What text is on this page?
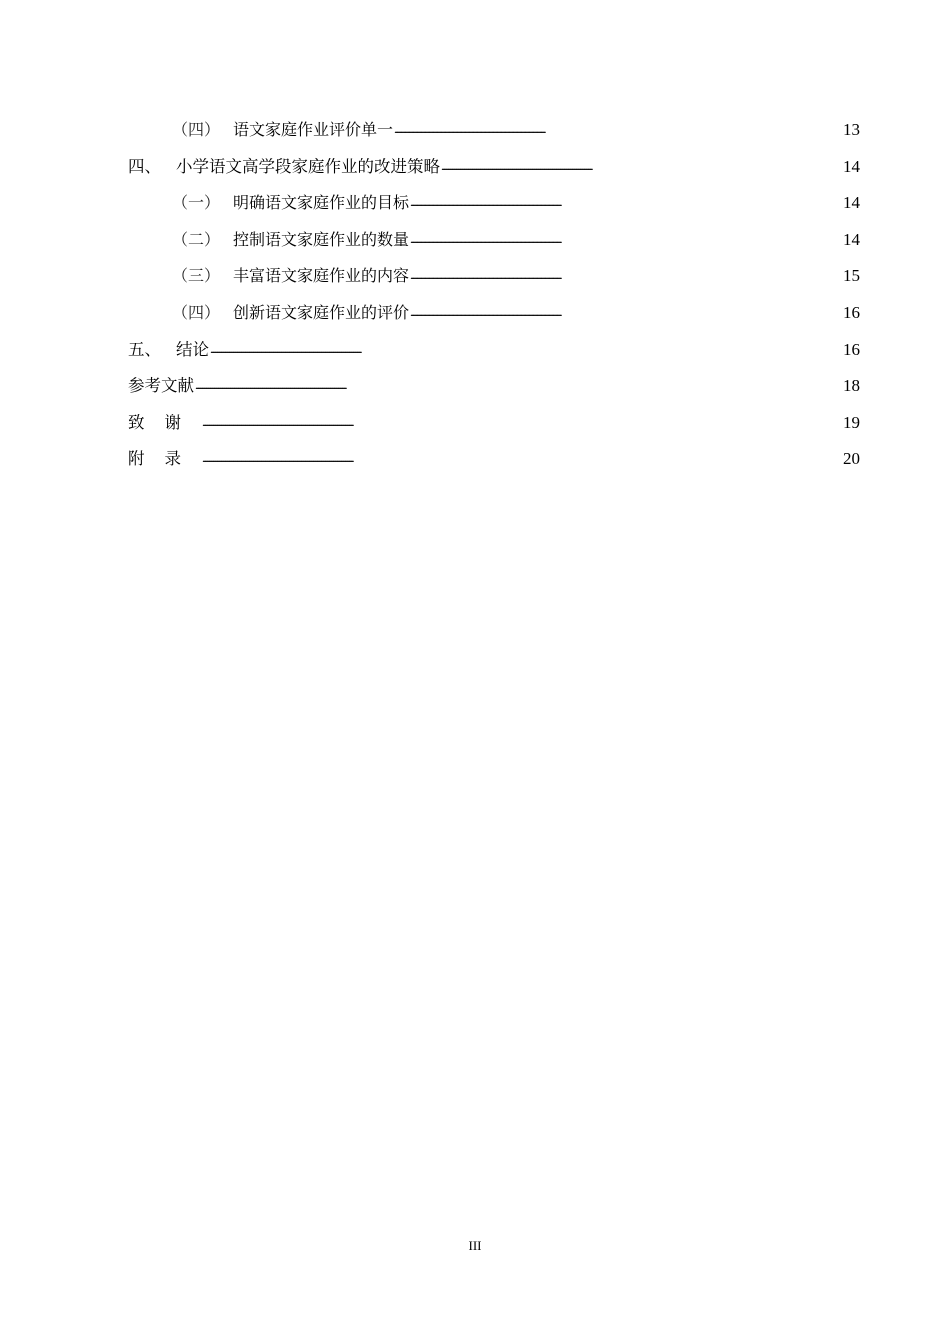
（四） 语文家庭作业评价单一 . . .	13
四、 小学语文高学段家庭作业的改进策略 . . .	14
（一） 明确语文家庭作业的目标 . . .	14
（二） 控制语文家庭作业的数量 . . .	14
（三） 丰富语文家庭作业的内容 . . .	15
（四） 创新语文家庭作业的评价 . . .	16
五、 结论 . . .	16
参考文献 . . .	18
致谢 . . .	19
附录 . . .	20
III
